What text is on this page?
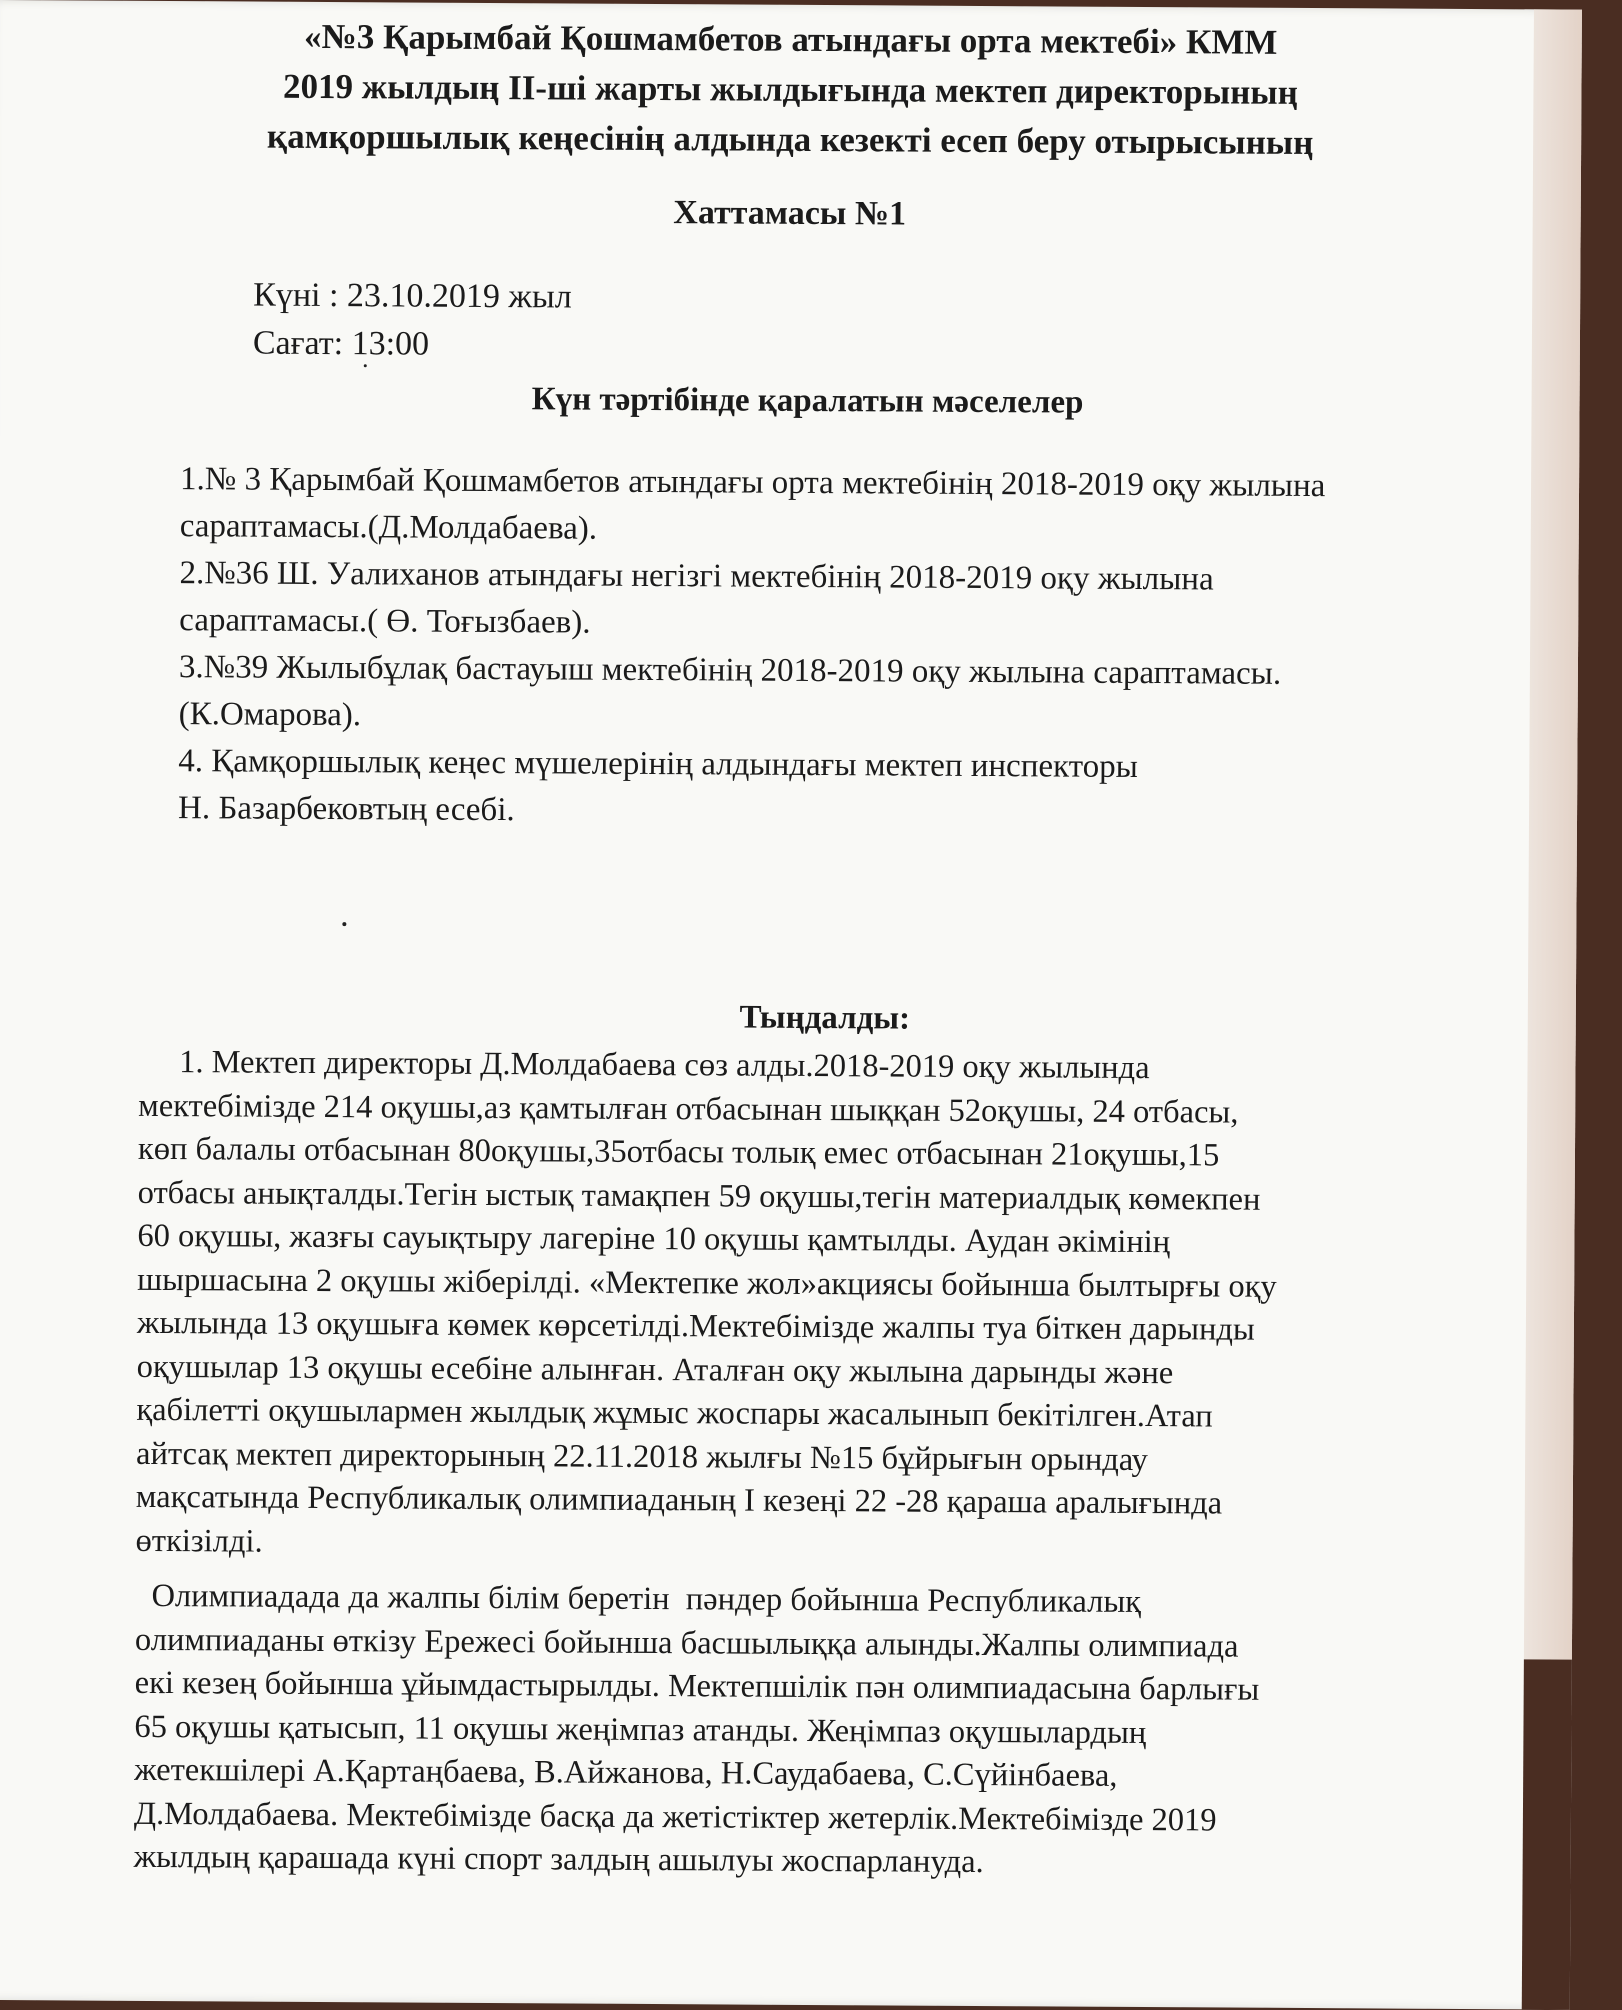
«№3 Қарымбай Қошмамбетов атындағы орта мектебі» КММ
2019 жылдың ІІ-ші жарты жылдығында мектеп директорының
қамқоршылық кеңесінің алдында кезекті есеп беру отырысының
Хаттамасы №1
Күні : 23.10.2019 жыл
Сағат: 13:00
Күн тәртібінде қаралатын мәселелер
1.№ 3 Қарымбай Қошмамбетов атындағы орта мектебінің 2018-2019 оқу жылына
сараптамасы.(Д.Молдабаева).
2.№36 Ш. Уалиханов атындағы негізгі мектебінің 2018-2019 оқу жылына
сараптамасы.( Ө. Тоғызбаев).
3.№39 Жылыбұлақ бастауыш мектебінің 2018-2019 оқу жылына сараптамасы.
(К.Омарова).
4. Қамқоршылық кеңес мүшелерінің алдындағы мектеп инспекторы
Н. Базарбековтың есебі.
Тыңдалды:
1. Мектеп директоры Д.Молдабаева сөз алды.2018-2019 оқу жылында
мектебімізде 214 оқушы,аз қамтылған отбасынан шыққан 52оқушы, 24 отбасы,
көп балалы отбасынан 80оқушы,35отбасы толық емес отбасынан 21оқушы,15
отбасы анықталды.Тегін ыстық тамақпен 59 оқушы,тегін материалдық көмекпен
60 оқушы, жазғы сауықтыру лагеріне 10 оқушы қамтылды. Аудан әкімінің
шыршасына 2 оқушы жіберілді. «Мектепке жол»акциясы бойынша былтырғы оқу
жылында 13 оқушыға көмек көрсетілді.Мектебімізде жалпы туа біткен дарынды
оқушылар 13 оқушы есебіне алынған. Аталған оқу жылына дарынды және
қабілетті оқушылармен жылдық жұмыс жоспары жасалынып бекітілген.Атап
айтсақ мектеп директорының 22.11.2018 жылғы №15 бұйрығын орындау
мақсатында Республикалық олимпиаданың І кезеңі 22 -28 қараша аралығында
өткізілді.
Олимпиадада да жалпы білім беретін  пәндер бойынша Республикалық
олимпиаданы өткізу Ережесі бойынша басшылыққа алынды.Жалпы олимпиада
екі кезең бойынша ұйымдастырылды. Мектепшілік пән олимпиадасына барлығы
65 оқушы қатысып, 11 оқушы жеңімпаз атанды. Жеңімпаз оқушылардың
жетекшілері А.Қартаңбаева, В.Айжанова, Н.Саудабаева, С.Сүйінбаева,
Д.Молдабаева. Мектебімізде басқа да жетістіктер жетерлік.Мектебімізде 2019
жылдың қарашада күні спорт залдың ашылуы жоспарлануда.
